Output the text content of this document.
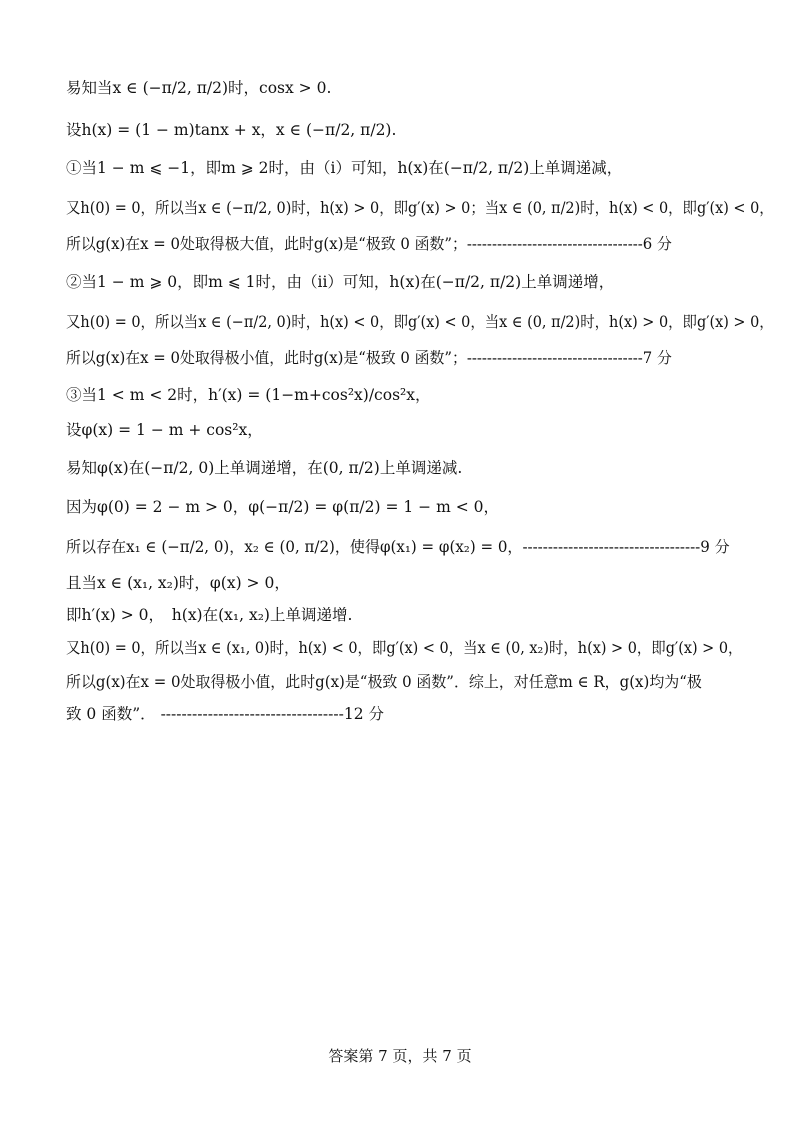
易知当x ∈ (−π/2, π/2)时，cosx > 0.
设h(x) = (1 − m)tanx + x，x ∈ (−π/2, π/2).
①当1 − m ⩽ −1，即m ⩾ 2时，由（i）可知，h(x)在(−π/2, π/2)上单调递减，
又h(0) = 0，所以当x ∈ (−π/2, 0)时，h(x) > 0，即g′(x) > 0；当x ∈ (0, π/2)时，h(x) < 0，即g′(x) < 0，
所以g(x)在x = 0处取得极大值，此时g(x)是“极致 0 函数”；-----------------------------------6 分
②当1 − m ⩾ 0，即m ⩽ 1时，由（ii）可知，h(x)在(−π/2, π/2)上单调递增，
又h(0) = 0，所以当x ∈ (−π/2, 0)时，h(x) < 0，即g′(x) < 0，当x ∈ (0, π/2)时，h(x) > 0，即g′(x) > 0，
所以g(x)在x = 0处取得极小值，此时g(x)是“极致 0 函数”；-----------------------------------7 分
③当1 < m < 2时，h′(x) = (1−m+cos²x)/cos²x，
设φ(x) = 1 − m + cos²x，
易知φ(x)在(−π/2, 0)上单调递增，在(0, π/2)上单调递减.
因为φ(0) = 2 − m > 0，φ(−π/2) = φ(π/2) = 1 − m < 0，
所以存在x₁ ∈ (−π/2, 0)，x₂ ∈ (0, π/2)，使得φ(x₁) = φ(x₂) = 0，-----------------------------------9 分
且当x ∈ (x₁, x₂)时，φ(x) > 0，
即h′(x) > 0，　h(x)在(x₁, x₂)上单调递增.
又h(0) = 0，所以当x ∈ (x₁, 0)时，h(x) < 0，即g′(x) < 0，当x ∈ (0, x₂)时，h(x) > 0，即g′(x) > 0，
所以g(x)在x = 0处取得极小值，此时g(x)是“极致 0 函数”．综上，对任意m ∈ R，g(x)均为“极
致 0 函数”． -----------------------------------12 分
答案第 7 页，共 7 页
